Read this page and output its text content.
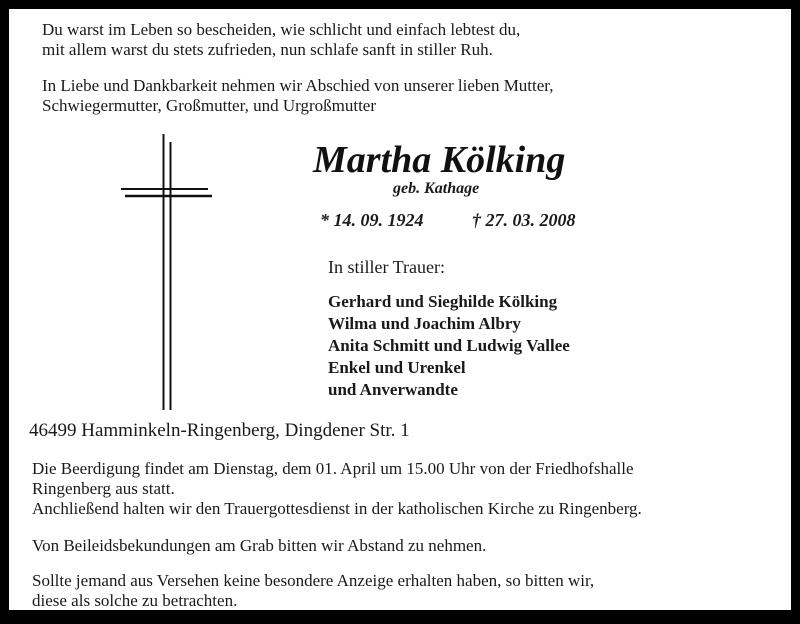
Du warst im Leben so bescheiden, wie schlicht und einfach lebtest du,
mit allem warst du stets zufrieden, nun schlafe sanft in stiller Ruh.
In Liebe und Dankbarkeit nehmen wir Abschied von unserer lieben Mutter,
Schwiegermutter, Großmutter, und Urgroßmutter
Martha Kölking
geb. Kathage
* 14. 09. 1924	† 27. 03. 2008
In stiller Trauer:
Gerhard und Sieghilde Kölking
Wilma und Joachim Albry
Anita Schmitt und Ludwig Vallee
Enkel und Urenkel
und Anverwandte
46499 Hamminkeln-Ringenberg, Dingdener Str. 1
Die Beerdigung findet am Dienstag, dem 01. April um 15.00 Uhr von der Friedhofshalle
Ringenberg aus statt.
Anchließend halten wir den Trauergottesdienst in der katholischen Kirche zu Ringenberg.
Von Beileidsbekundungen am Grab bitten wir Abstand zu nehmen.
Sollte jemand aus Versehen keine besondere Anzeige erhalten haben, so bitten wir,
diese als solche zu betrachten.
